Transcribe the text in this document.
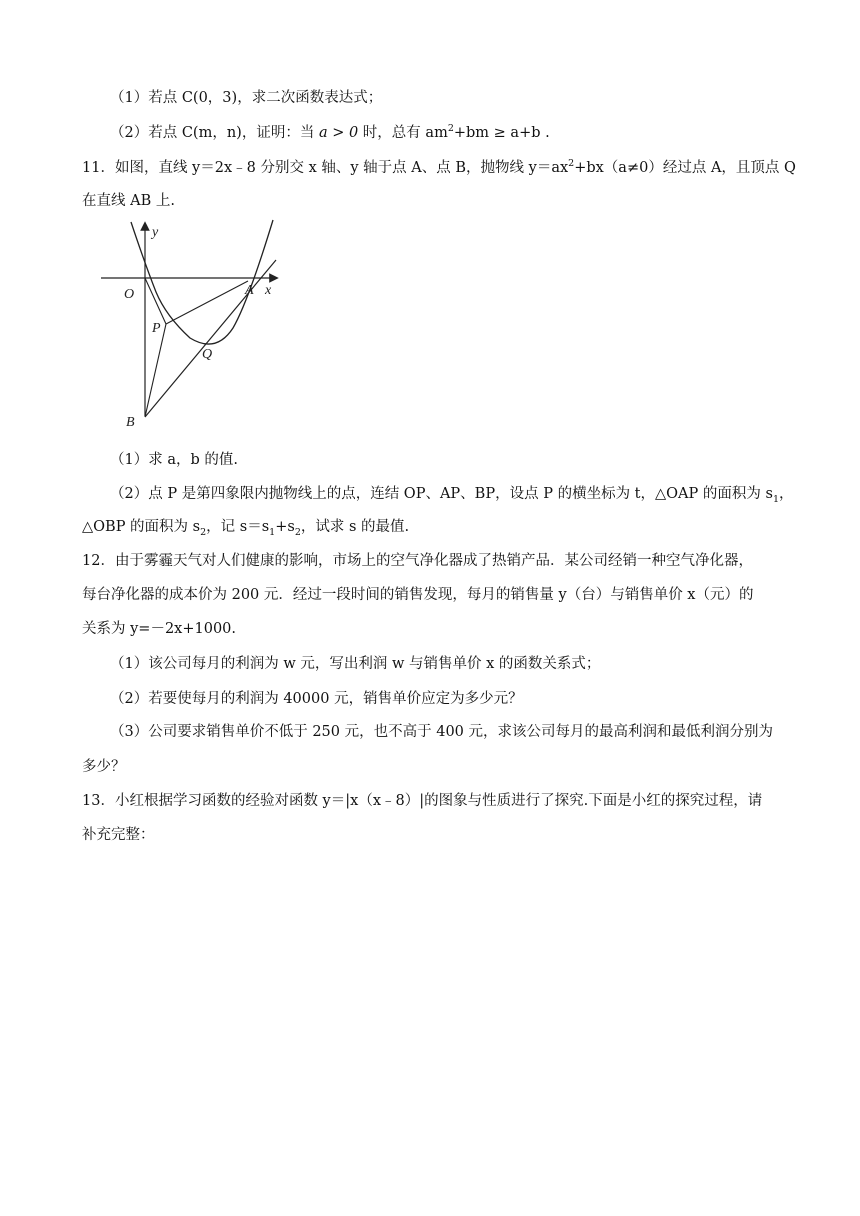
（1）若点 C(0，3)，求二次函数表达式；
（2）若点 C(m，n)，证明：当 a > 0 时，总有 $am^2+bm \ge a+b$ .
11．如图，直线 y＝2x﹣8 分别交 x 轴、y 轴于点 A、点 B，抛物线 $y=ax^2+bx(a\ne 0)$经过点 A，且顶点 Q
在直线 AB 上.
y
x
O	A
P
Q
B
（1）求 a，b 的值.
（2）点 P 是第四象限内抛物线上的点，连结 OP、AP、BP，设点 P 的横坐标为 t，△OAP 的面积为 $s_1$，
△OBP 的面积为 $s_2$，记 $s=s_1+s_2$，试求 s 的最值.
12．由于雾霾天气对人们健康的影响，市场上的空气净化器成了热销产品．某公司经销一种空气净化器，
每台净化器的成本价为 200 元．经过一段时间的销售发现，每月的销售量 y（台）与销售单价 x（元）的
关系为 y=－2x+1000.
（1）该公司每月的利润为 w 元，写出利润 w 与销售单价 x 的函数关系式；
（2）若要使每月的利润为 40000 元，销售单价应定为多少元？
（3）公司要求销售单价不低于 250 元，也不高于 400 元，求该公司每月的最高利润和最低利润分别为
多少？
13．小红根据学习函数的经验对函数 y＝|x（x﹣8）|的图象与性质进行了探究.下面是小红的探究过程，请
补充完整：
